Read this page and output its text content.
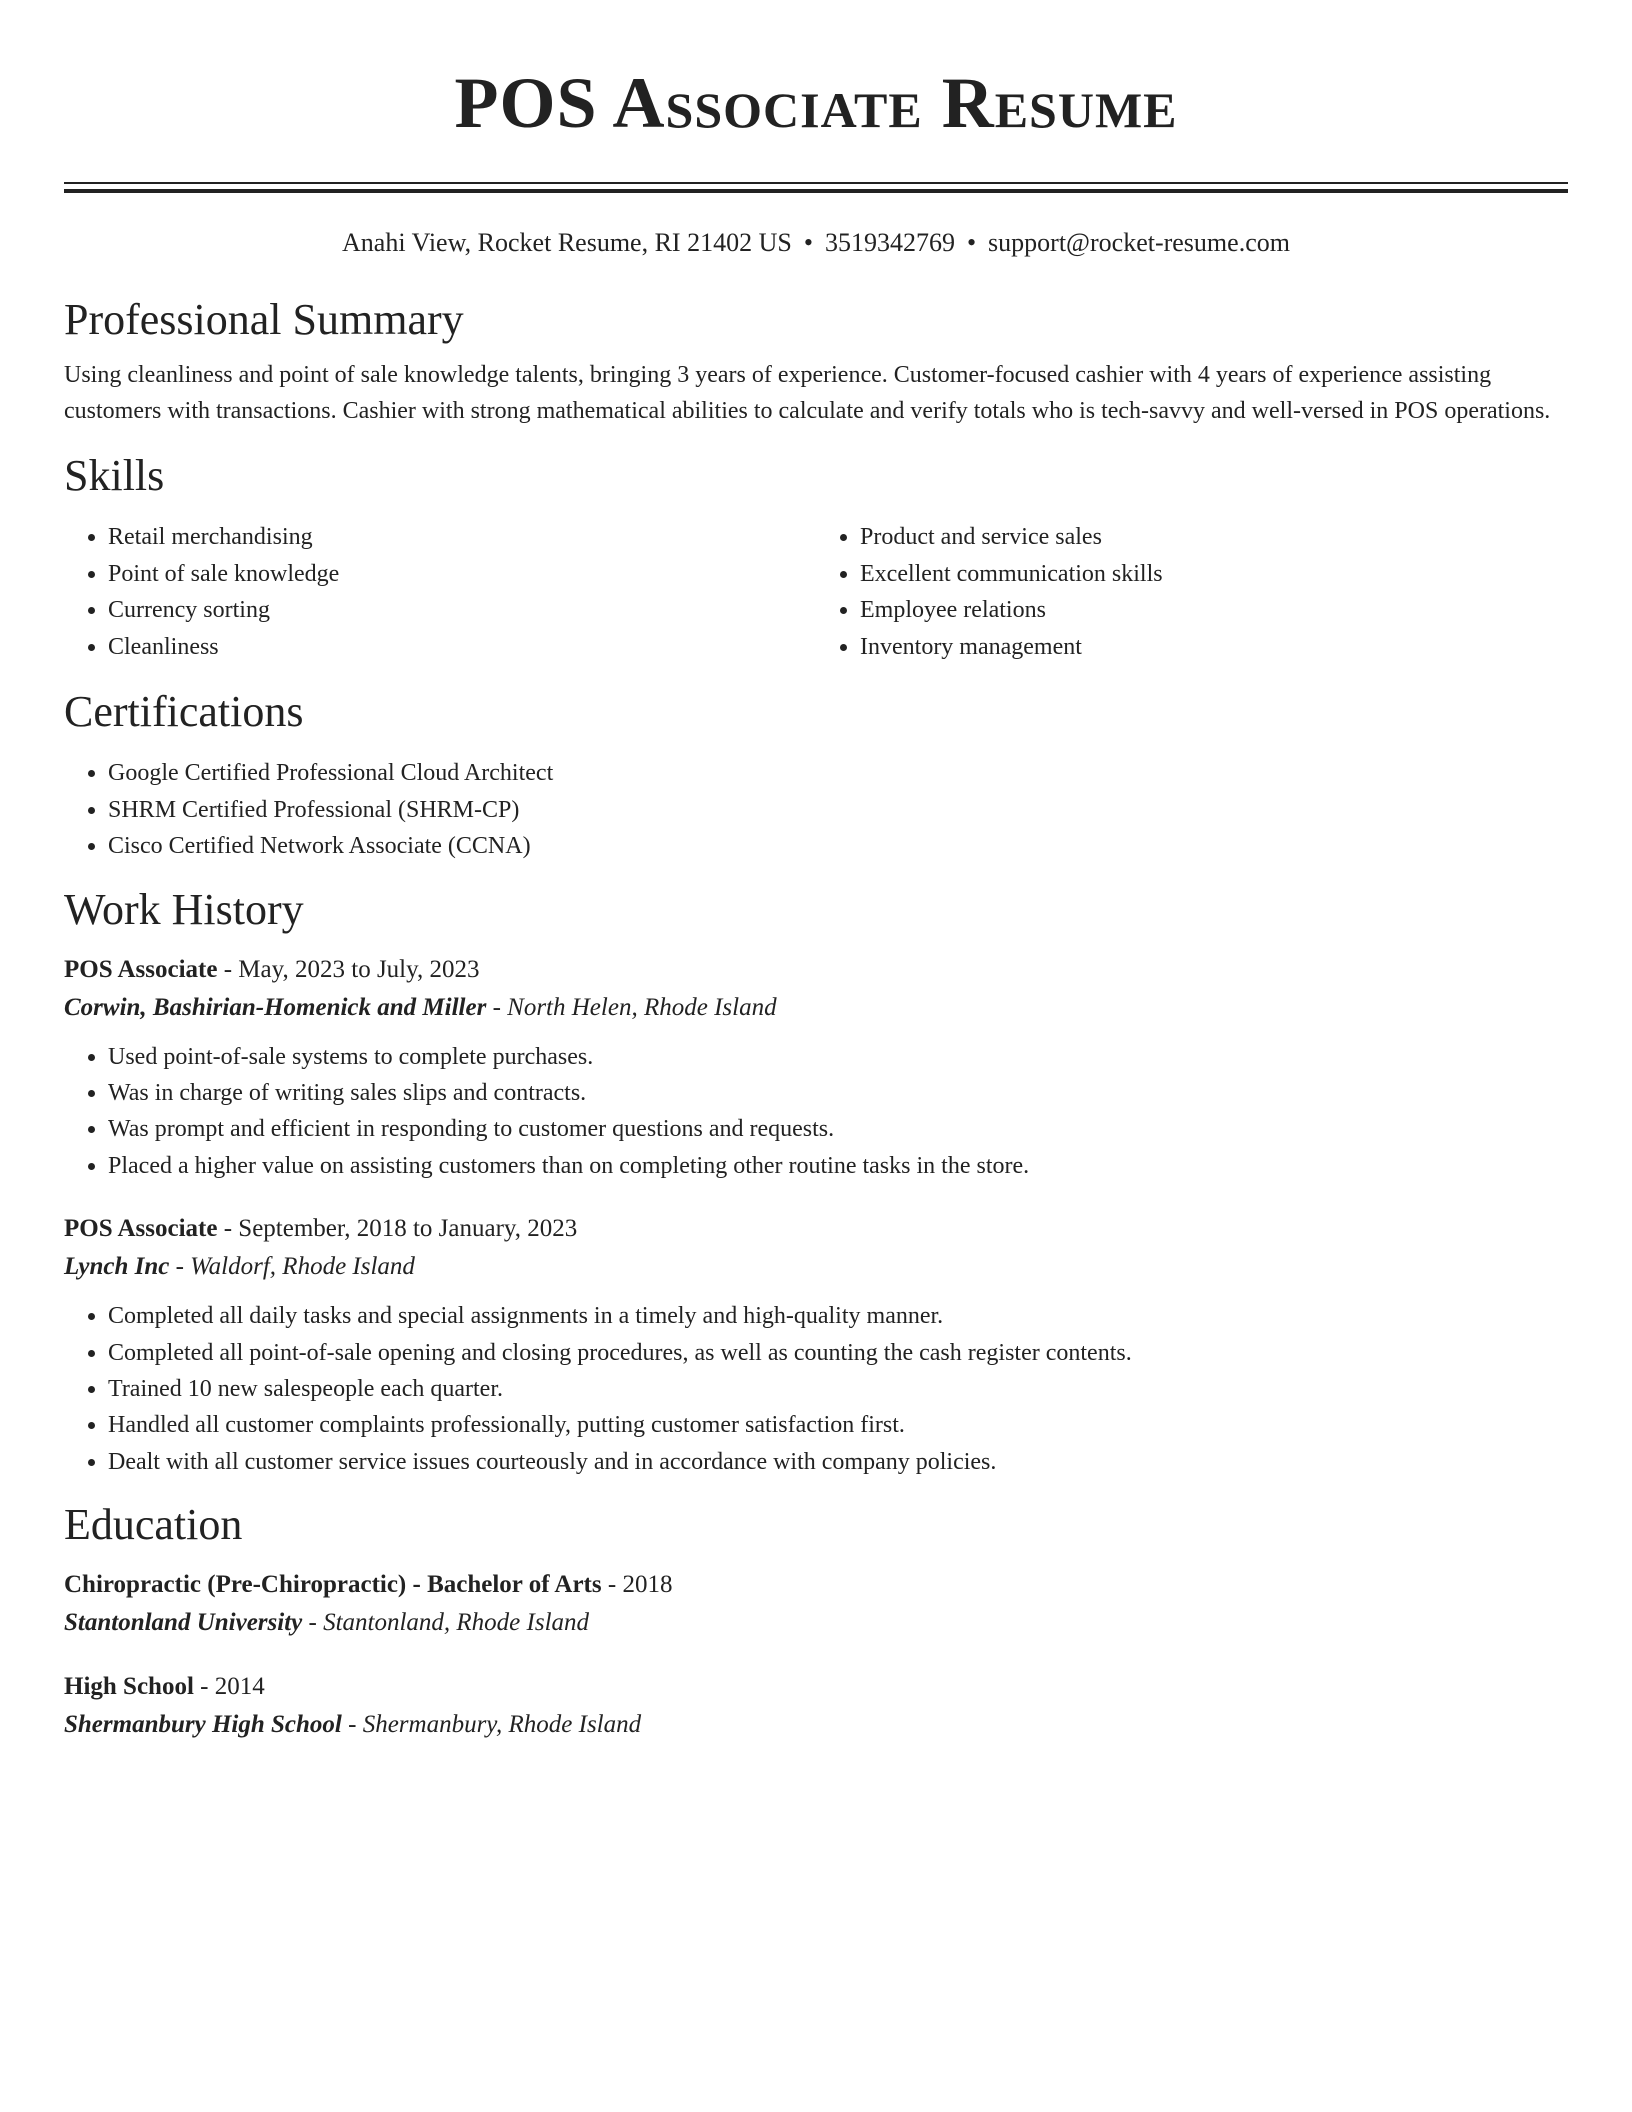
POS Associate Resume
Anahi View, Rocket Resume, RI 21402 US • 3519342769 • support@rocket-resume.com
Professional Summary
Using cleanliness and point of sale knowledge talents, bringing 3 years of experience. Customer-focused cashier with 4 years of experience assisting customers with transactions. Cashier with strong mathematical abilities to calculate and verify totals who is tech-savvy and well-versed in POS operations.
Skills
• Retail merchandising
• Point of sale knowledge
• Currency sorting
• Cleanliness
• Product and service sales
• Excellent communication skills
• Employee relations
• Inventory management
Certifications
• Google Certified Professional Cloud Architect
• SHRM Certified Professional (SHRM-CP)
• Cisco Certified Network Associate (CCNA)
Work History
POS Associate - May, 2023 to July, 2023
Corwin, Bashirian-Homenick and Miller - North Helen, Rhode Island
• Used point-of-sale systems to complete purchases.
• Was in charge of writing sales slips and contracts.
• Was prompt and efficient in responding to customer questions and requests.
• Placed a higher value on assisting customers than on completing other routine tasks in the store.
POS Associate - September, 2018 to January, 2023
Lynch Inc - Waldorf, Rhode Island
• Completed all daily tasks and special assignments in a timely and high-quality manner.
• Completed all point-of-sale opening and closing procedures, as well as counting the cash register contents.
• Trained 10 new salespeople each quarter.
• Handled all customer complaints professionally, putting customer satisfaction first.
• Dealt with all customer service issues courteously and in accordance with company policies.
Education
Chiropractic (Pre-Chiropractic) - Bachelor of Arts - 2018
Stantonland University - Stantonland, Rhode Island
High School - 2014
Shermanbury High School - Shermanbury, Rhode Island
